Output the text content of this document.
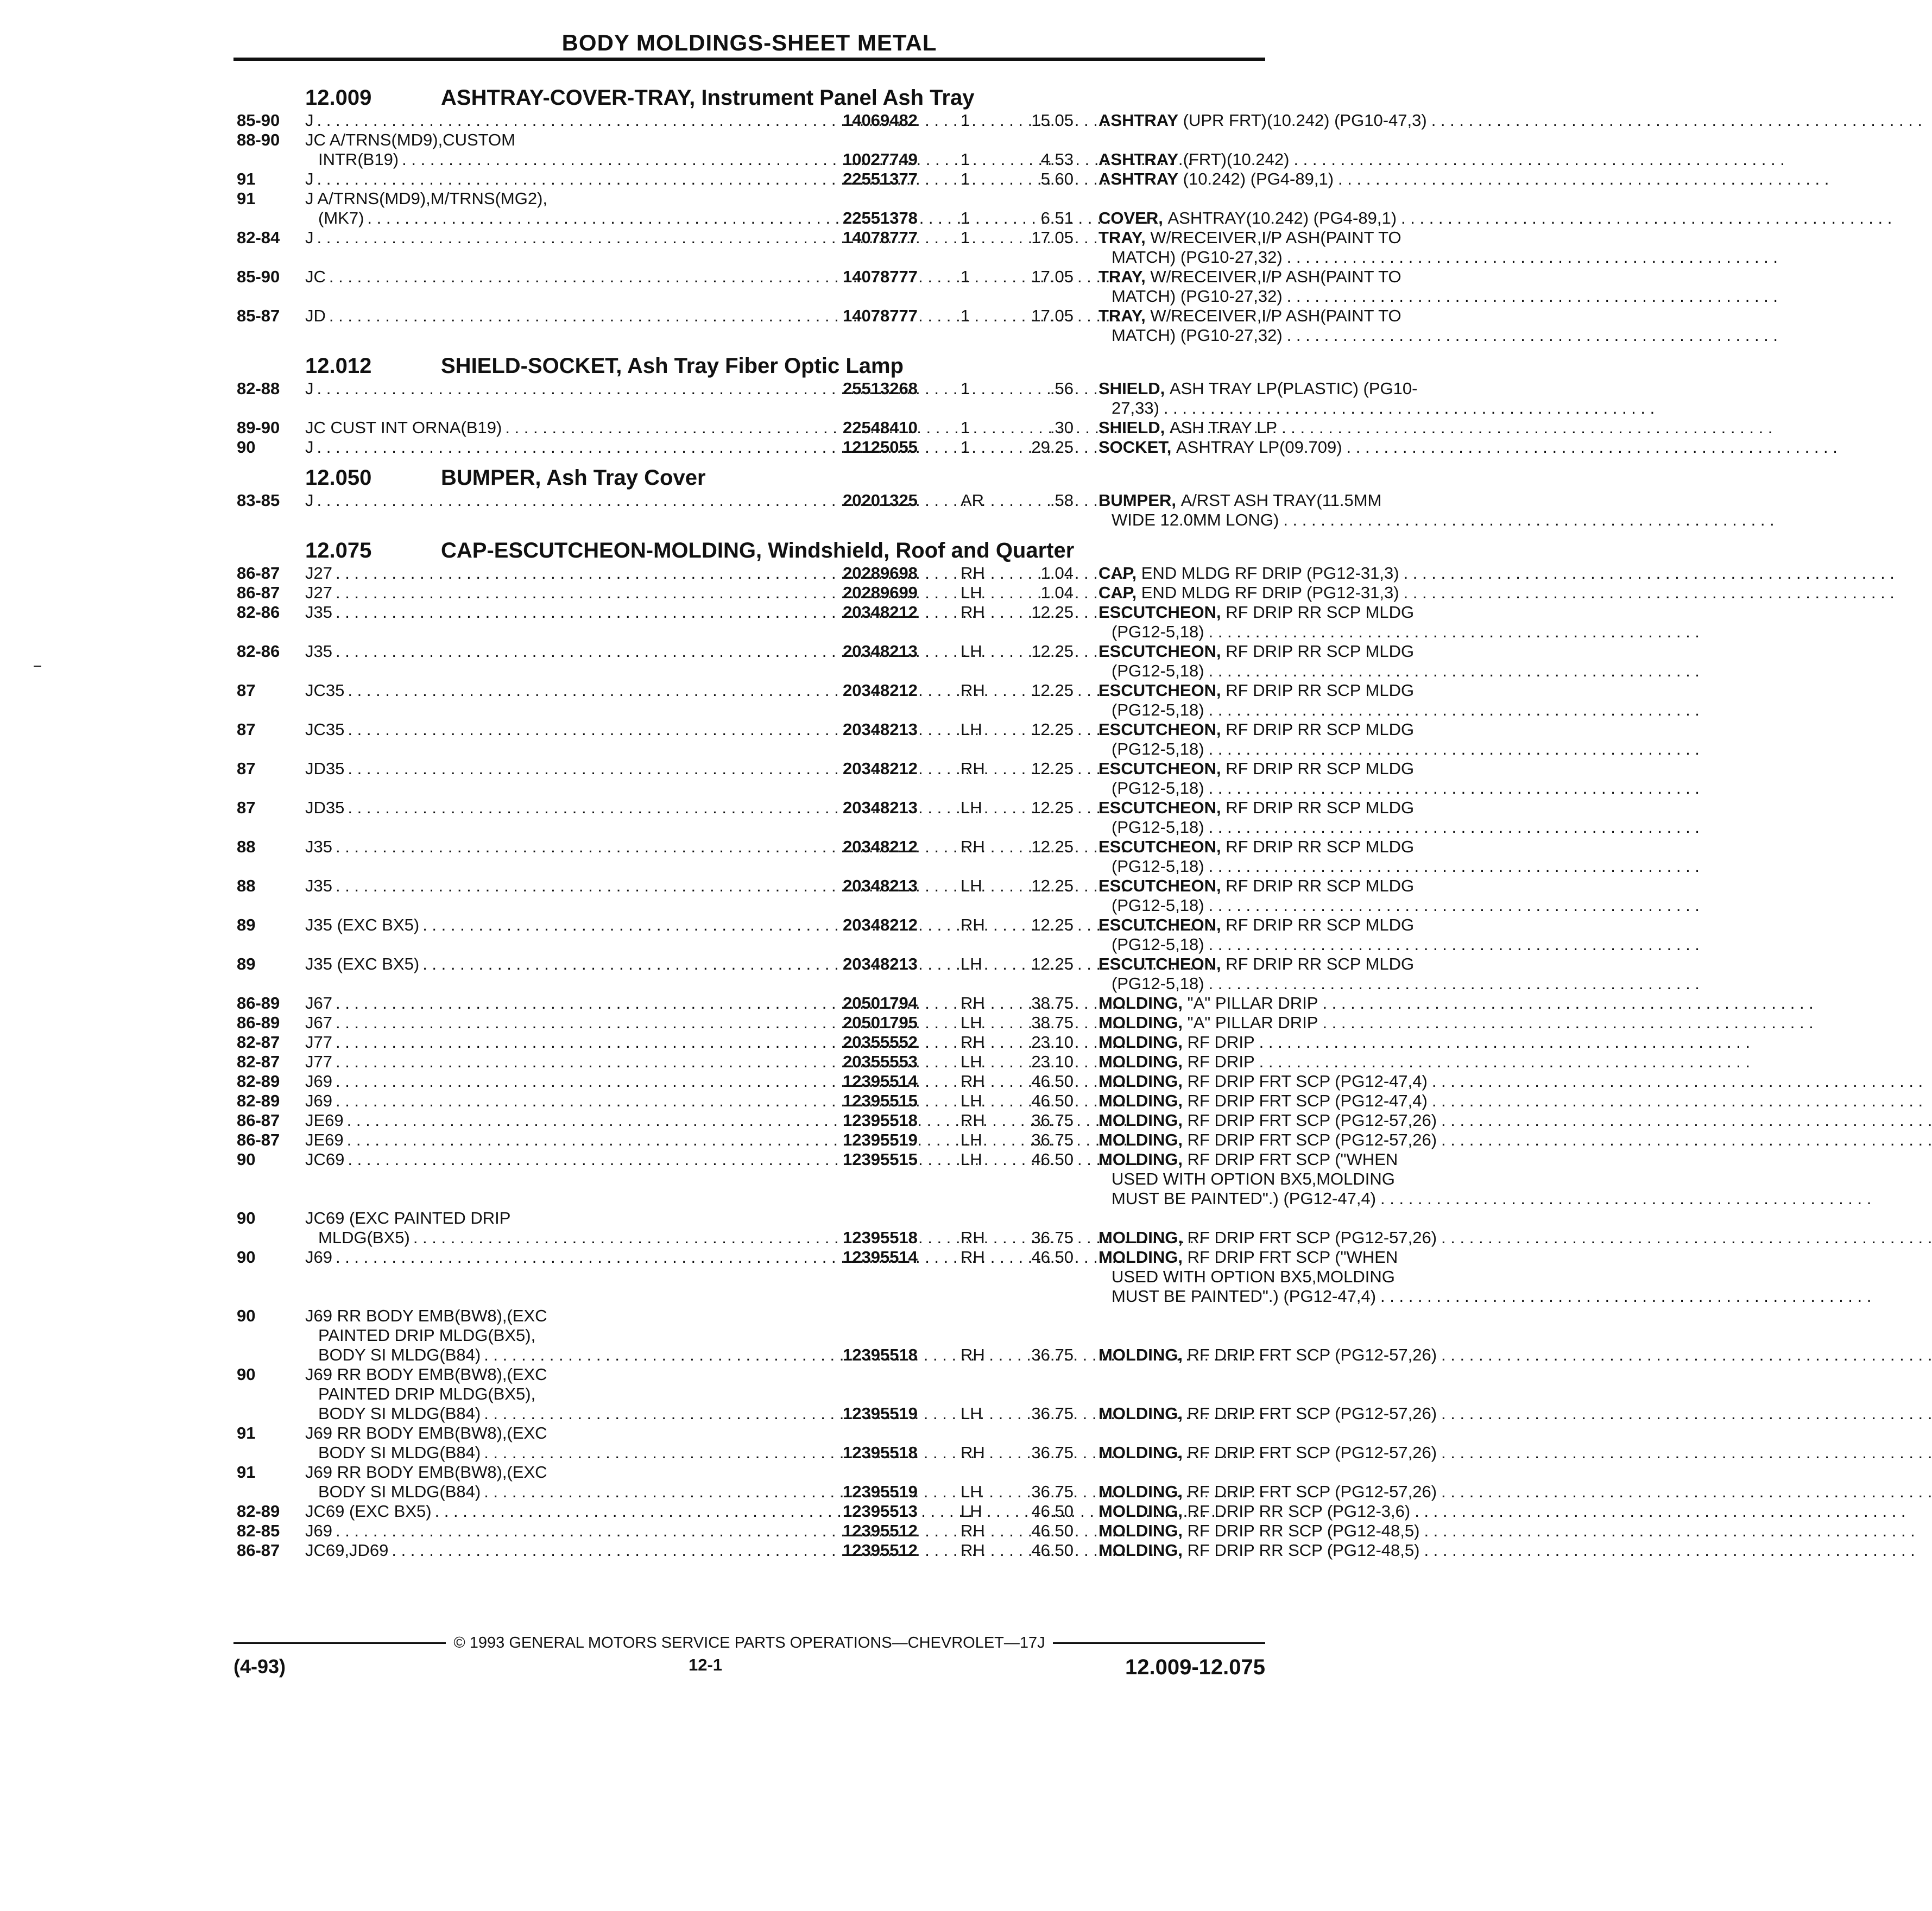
BODY MOLDINGS-SHEET METAL
12.009	ASHTRAY-COVER-TRAY, Instrument Panel Ash Tray
85-90	J . . .	14069482	1	15.05	ASHTRAY
(UPR FRT)(10.242) (PG10-47,3)
. . .
88-90	JC A/TRNS(MD9),CUSTOM
INTR(B19) . . .	10027749	1	4.53	ASHTRAY
(FRT)(10.242)
. . .
91	J . . .	22551377	1	5.60	ASHTRAY
(10.242) (PG4-89,1)
. . .
91	J A/TRNS(MD9),M/TRNS(MG2),
(MK7) . . .	22551378	1	6.51	COVER,
ASHTRAY(10.242) (PG4-89,1)
. . .
82-84	J . . .	14078777	1	17.05	TRAY,
W/RECEIVER,I/P ASH(PAINT TO
MATCH) (PG10-27,32)
. . .
85-90	JC . . .	14078777	1	17.05	TRAY,
W/RECEIVER,I/P ASH(PAINT TO
MATCH) (PG10-27,32)
. . .
85-87	JD . . .	14078777	1	17.05	TRAY,
W/RECEIVER,I/P ASH(PAINT TO
MATCH) (PG10-27,32)
. . .
12.012	SHIELD-SOCKET, Ash Tray Fiber Optic Lamp
82-88	J . . .	25513268	1	.56	SHIELD,
ASH TRAY LP(PLASTIC) (PG10-
27,33)
. . .
89-90	JC CUST INT ORNA(B19) . . .	22548410	1	.30	SHIELD,
ASH TRAY LP
. . .
90	J . . .	12125055	1	29.25	SOCKET,
ASHTRAY LP(09.709)
. . .
12.050	BUMPER, Ash Tray Cover
83-85	J . . .	20201325	AR	.58	BUMPER,
A/RST ASH TRAY(11.5MM
WIDE 12.0MM LONG)
. . .
12.075	CAP-ESCUTCHEON-MOLDING, Windshield, Roof and Quarter
86-87	J27 . . .	20289698	RH	1.04	CAP,
END MLDG RF DRIP (PG12-31,3)
. . .
86-87	J27 . . .	20289699	LH	1.04	CAP,
END MLDG RF DRIP (PG12-31,3)
. . .
82-86	J35 . . .	20348212	RH	12.25	ESCUTCHEON,
RF DRIP RR SCP MLDG
(PG12-5,18)
. . .
82-86	J35 . . .	20348213	LH	12.25	ESCUTCHEON,
RF DRIP RR SCP MLDG
(PG12-5,18)
. . .
87	JC35 . . .	20348212	RH	12.25	ESCUTCHEON,
RF DRIP RR SCP MLDG
(PG12-5,18)
. . .
87	JC35 . . .	20348213	LH	12.25	ESCUTCHEON,
RF DRIP RR SCP MLDG
(PG12-5,18)
. . .
87	JD35 . . .	20348212	RH	12.25	ESCUTCHEON,
RF DRIP RR SCP MLDG
(PG12-5,18)
. . .
87	JD35 . . .	20348213	LH	12.25	ESCUTCHEON,
RF DRIP RR SCP MLDG
(PG12-5,18)
. . .
88	J35 . . .	20348212	RH	12.25	ESCUTCHEON,
RF DRIP RR SCP MLDG
(PG12-5,18)
. . .
88	J35 . . .	20348213	LH	12.25	ESCUTCHEON,
RF DRIP RR SCP MLDG
(PG12-5,18)
. . .
89	J35 (EXC BX5) . . .	20348212	RH	12.25	ESCUTCHEON,
RF DRIP RR SCP MLDG
(PG12-5,18)
. . .
89	J35 (EXC BX5) . . .	20348213	LH	12.25	ESCUTCHEON,
RF DRIP RR SCP MLDG
(PG12-5,18)
. . .
86-89	J67 . . .	20501794	RH	38.75	MOLDING,
"A" PILLAR DRIP
. . .
86-89	J67 . . .	20501795	LH	38.75	MOLDING,
"A" PILLAR DRIP
. . .
82-87	J77 . . .	20355552	RH	23.10	MOLDING,
RF DRIP
. . .
82-87	J77 . . .	20355553	LH	23.10	MOLDING,
RF DRIP
. . .
82-89	J69 . . .	12395514	RH	46.50	MOLDING,
RF DRIP FRT SCP (PG12-47,4)
. . .
82-89	J69 . . .	12395515	LH	46.50	MOLDING,
RF DRIP FRT SCP (PG12-47,4)
. . .
86-87	JE69 . . .	12395518	RH	36.75	MOLDING,
RF DRIP FRT SCP (PG12-57,26)
. . .
86-87	JE69 . . .	12395519	LH	36.75	MOLDING,
RF DRIP FRT SCP (PG12-57,26)
. . .
90	JC69 . . .	12395515	LH	46.50	MOLDING,
RF DRIP FRT SCP ("WHEN
USED WITH OPTION BX5,MOLDING
MUST BE PAINTED".) (PG12-47,4)
. . .
90	JC69 (EXC PAINTED DRIP
MLDG(BX5) . . .	12395518	RH	36.75	MOLDING,
RF DRIP FRT SCP (PG12-57,26)
. . .
90	J69 . . .	12395514	RH	46.50	MOLDING,
RF DRIP FRT SCP ("WHEN
USED WITH OPTION BX5,MOLDING
MUST BE PAINTED".) (PG12-47,4)
. . .
90	J69 RR BODY EMB(BW8),(EXC
PAINTED DRIP MLDG(BX5),
BODY SI MLDG(B84) . . .	12395518	RH	36.75	MOLDING,
RF DRIP FRT SCP (PG12-57,26)
. . .
90	J69 RR BODY EMB(BW8),(EXC
PAINTED DRIP MLDG(BX5),
BODY SI MLDG(B84) . . .	12395519	LH	36.75	MOLDING,
RF DRIP FRT SCP (PG12-57,26)
. . .
91	J69 RR BODY EMB(BW8),(EXC
BODY SI MLDG(B84) . . .	12395518	RH	36.75	MOLDING,
RF DRIP FRT SCP (PG12-57,26)
. . .
91	J69 RR BODY EMB(BW8),(EXC
BODY SI MLDG(B84) . . .	12395519	LH	36.75	MOLDING,
RF DRIP FRT SCP (PG12-57,26)
. . .
82-89	JC69 (EXC BX5) . . .	12395513	LH	46.50	MOLDING,
RF DRIP RR SCP (PG12-3,6)
. . .
82-85	J69 . . .	12395512	RH	46.50	MOLDING,
RF DRIP RR SCP (PG12-48,5)
. . .
86-87	JC69,JD69 . . .	12395512	RH	46.50	MOLDING,
RF DRIP RR SCP (PG12-48,5)
. . .
© 1993 GENERAL MOTORS SERVICE PARTS OPERATIONS—CHEVROLET—17J
(4-93)	12-1	12.009-12.075
